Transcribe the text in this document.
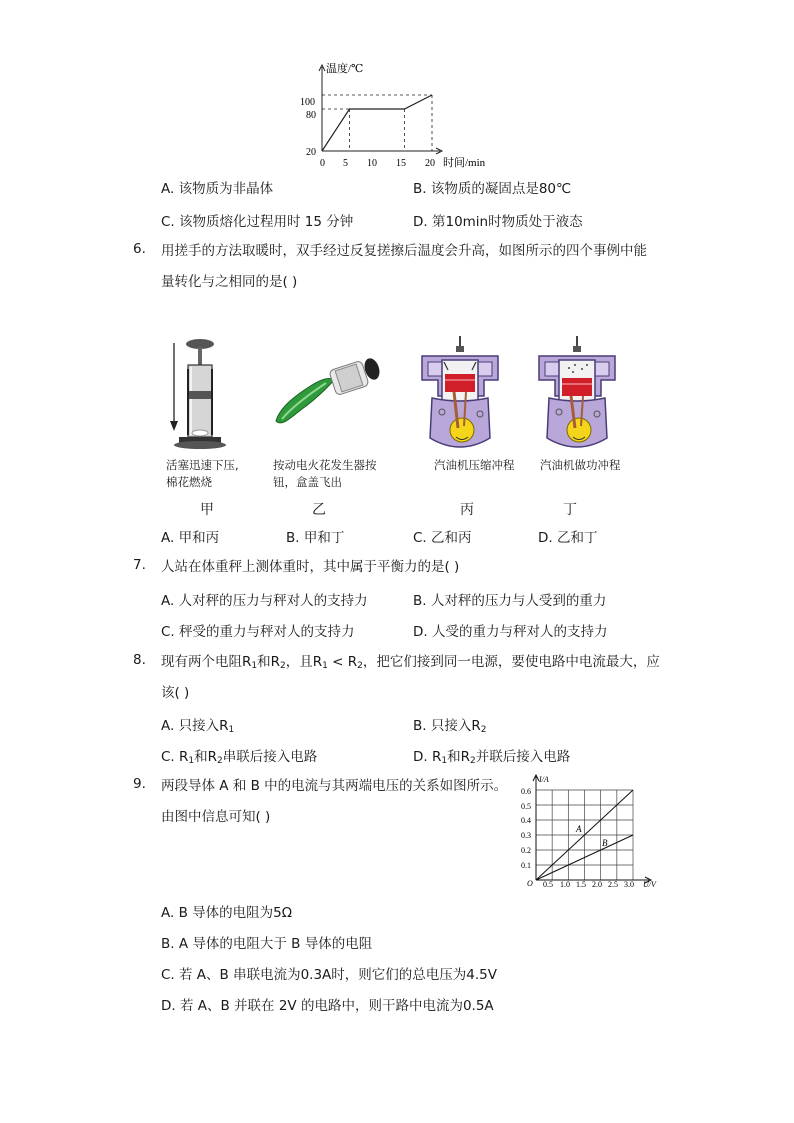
温度/℃
时间/min
100
80
20
0 5 10 15 20
A. 该物质为非晶体	B. 该物质的凝固点是80℃
C. 该物质熔化过程用时 15 分钟	D. 第10min时物质处于液态
6. 用搓手的方法取暖时，双手经过反复搓擦后温度会升高，如图所示的四个事例中能
量转化与之相同的是( )
活塞迅速下压,
棉花燃烧
按动电火花发生器按
钮，盒盖飞出
汽油机压缩冲程 汽油机做功冲程
甲	乙	丙	丁
A. 甲和丙	B. 甲和丁	C. 乙和丙	D. 乙和丁
7. 人站在体重秤上测体重时，其中属于平衡力的是( )
A. 人对秤的压力与秤对人的支持力	B. 人对秤的压力与人受到的重力
C. 秤受的重力与秤对人的支持力	D. 人受的重力与秤对人的支持力
8. 现有两个电阻$R_1$和$R_2$，且$R_1 < R_2$，把它们接到同一电源，要使电路中电流最大，应
该( )
A. 只接入$R_1$	B. 只接入$R_2$
C. $R_1$和$R_2$串联后接入电路	D. $R_1$和$R_2$并联后接入电路
9. 两段导体 A 和 B 中的电流与其两端电压的关系如图所示。
由图中信息可知( )
A
B
I/A
U/V
O
0.6
0.5
0.4
0.3
0.2
0.1
0.5 1.0 1.5 2.0 2.5 3.0
A. B 导体的电阻为5Ω
B. A 导体的电阻大于 B 导体的电阻
C. 若 A、B 串联电流为0.3A时，则它们的总电压为4.5V
D. 若 A、B 并联在 2V 的电路中，则干路中电流为0.5A
